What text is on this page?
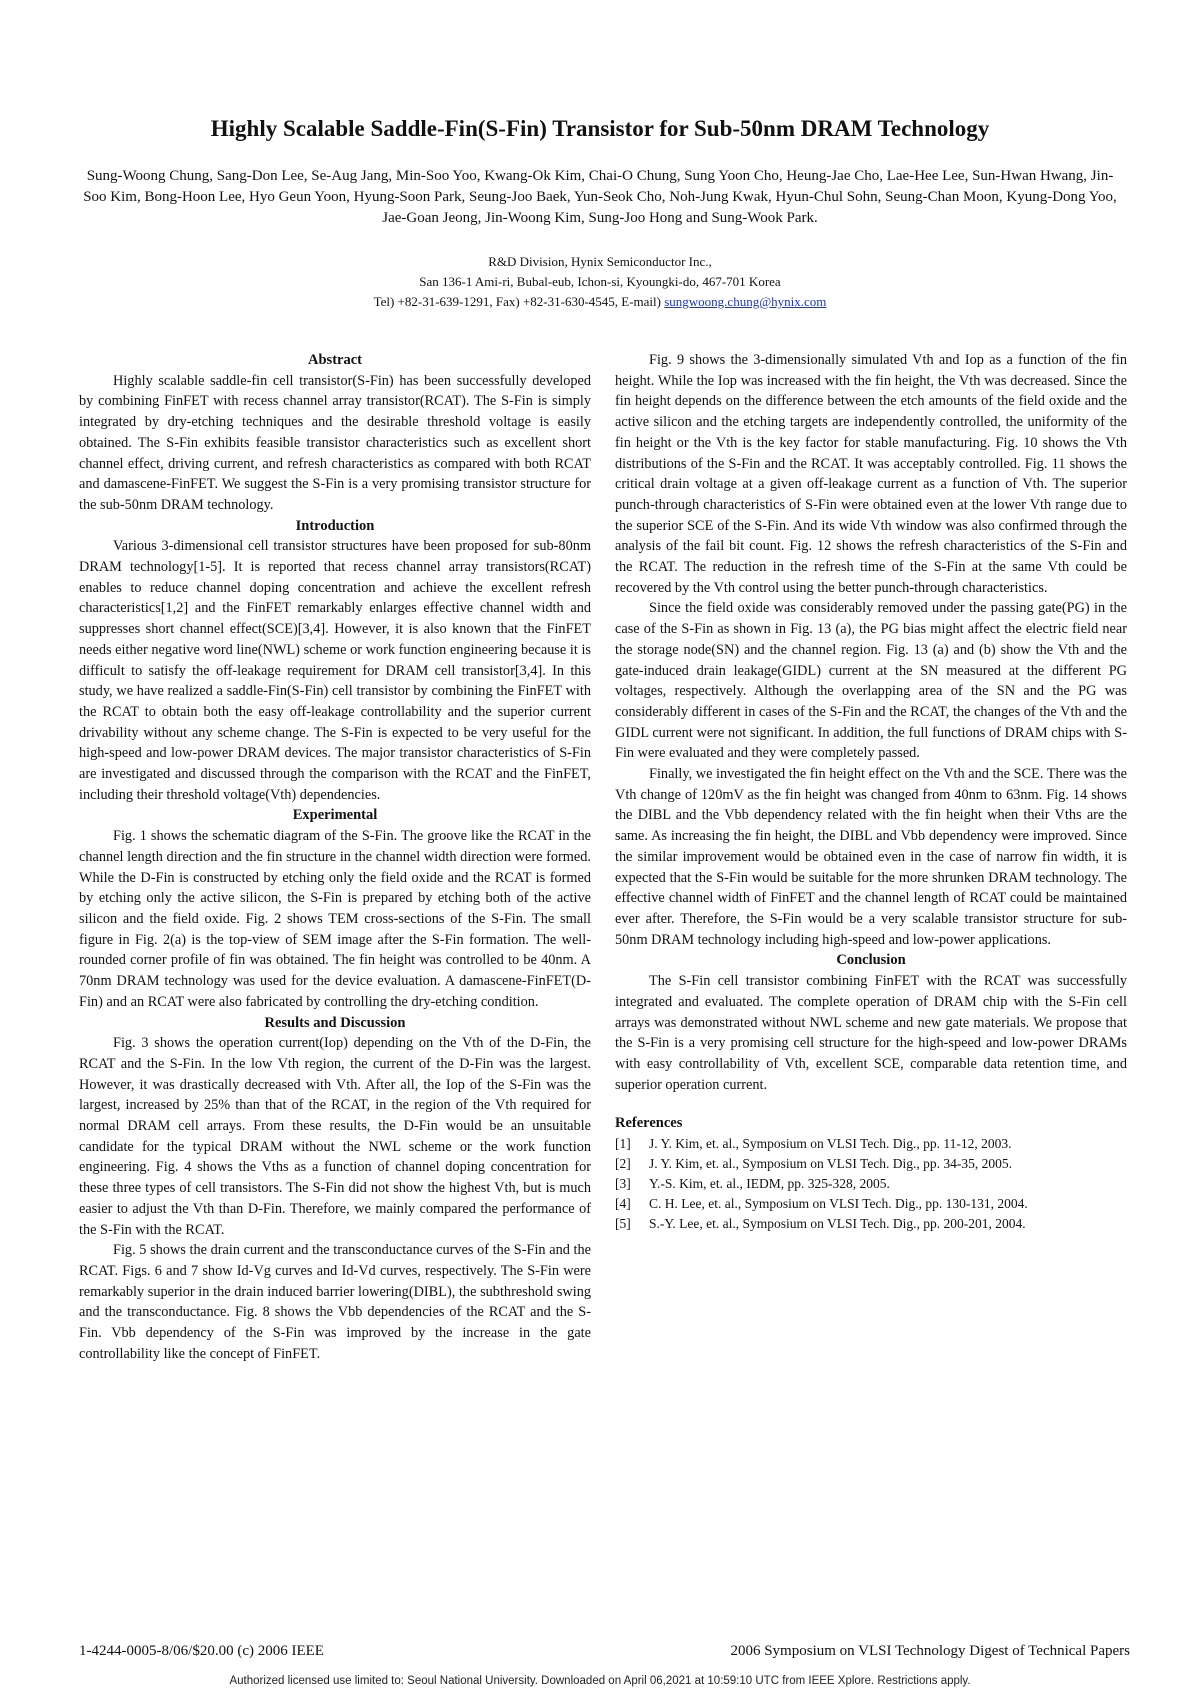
Highly Scalable Saddle-Fin(S-Fin) Transistor for Sub-50nm DRAM Technology
Sung-Woong Chung, Sang-Don Lee, Se-Aug Jang, Min-Soo Yoo, Kwang-Ok Kim, Chai-O Chung, Sung Yoon Cho, Heung-Jae Cho, Lae-Hee Lee, Sun-Hwan Hwang, Jin-Soo Kim, Bong-Hoon Lee, Hyo Geun Yoon, Hyung-Soon Park, Seung-Joo Baek, Yun-Seok Cho, Noh-Jung Kwak, Hyun-Chul Sohn, Seung-Chan Moon, Kyung-Dong Yoo, Jae-Goan Jeong, Jin-Woong Kim, Sung-Joo Hong and Sung-Wook Park.
R&D Division, Hynix Semiconductor Inc.,
San 136-1 Ami-ri, Bubal-eub, Ichon-si, Kyoungki-do, 467-701 Korea
Tel) +82-31-639-1291, Fax) +82-31-630-4545, E-mail) sungwoong.chung@hynix.com
Abstract

Highly scalable saddle-fin cell transistor(S-Fin) has been successfully developed by combining FinFET with recess channel array transistor(RCAT). The S-Fin is simply integrated by dry-etching techniques and the desirable threshold voltage is easily obtained. The S-Fin exhibits feasible transistor characteristics such as excellent short channel effect, driving current, and refresh characteristics as compared with both RCAT and damascene-FinFET. We suggest the S-Fin is a very promising transistor structure for the sub-50nm DRAM technology.

Introduction

Various 3-dimensional cell transistor structures have been proposed for sub-80nm DRAM technology[1-5]. It is reported that recess channel array transistors(RCAT) enables to reduce channel doping concentration and achieve the excellent refresh characteristics[1,2] and the FinFET remarkably enlarges effective channel width and suppresses short channel effect(SCE)[3,4]. However, it is also known that the FinFET needs either negative word line(NWL) scheme or work function engineering because it is difficult to satisfy the off-leakage requirement for DRAM cell transistor[3,4]. In this study, we have realized a saddle-Fin(S-Fin) cell transistor by combining the FinFET with the RCAT to obtain both the easy off-leakage controllability and the superior current drivability without any scheme change. The S-Fin is expected to be very useful for the high-speed and low-power DRAM devices. The major transistor characteristics of S-Fin are investigated and discussed through the comparison with the RCAT and the FinFET, including their threshold voltage(Vth) dependencies.

Experimental

Fig. 1 shows the schematic diagram of the S-Fin. The groove like the RCAT in the channel length direction and the fin structure in the channel width direction were formed. While the D-Fin is constructed by etching only the field oxide and the RCAT is formed by etching only the active silicon, the S-Fin is prepared by etching both of the active silicon and the field oxide. Fig. 2 shows TEM cross-sections of the S-Fin. The small figure in Fig. 2(a) is the top-view of SEM image after the S-Fin formation. The well-rounded corner profile of fin was obtained. The fin height was controlled to be 40nm. A 70nm DRAM technology was used for the device evaluation. A damascene-FinFET(D-Fin) and an RCAT were also fabricated by controlling the dry-etching condition.

Results and Discussion

Fig. 3 shows the operation current(Iop) depending on the Vth of the D-Fin, the RCAT and the S-Fin. In the low Vth region, the current of the D-Fin was the largest. However, it was drastically decreased with Vth. After all, the Iop of the S-Fin was the largest, increased by 25% than that of the RCAT, in the region of the Vth required for normal DRAM cell arrays. From these results, the D-Fin would be an unsuitable candidate for the typical DRAM without the NWL scheme or the work function engineering. Fig. 4 shows the Vths as a function of channel doping concentration for these three types of cell transistors. The S-Fin did not show the highest Vth, but is much easier to adjust the Vth than D-Fin. Therefore, we mainly compared the performance of the S-Fin with the RCAT.

Fig. 5 shows the drain current and the transconductance curves of the S-Fin and the RCAT. Figs. 6 and 7 show Id-Vg curves and Id-Vd curves, respectively. The S-Fin were remarkably superior in the drain induced barrier lowering(DIBL), the subthreshold swing and the transconductance. Fig. 8 shows the Vbb dependencies of the RCAT and the S-Fin. Vbb dependency of the S-Fin was improved by the increase in the gate controllability like the concept of FinFET.

Fig. 9 shows the 3-dimensionally simulated Vth and Iop as a function of the fin height. While the Iop was increased with the fin height, the Vth was decreased. Since the fin height depends on the difference between the etch amounts of the field oxide and the active silicon and the etching targets are independently controlled, the uniformity of the fin height or the Vth is the key factor for stable manufacturing. Fig. 10 shows the Vth distributions of the S-Fin and the RCAT. It was acceptably controlled. Fig. 11 shows the critical drain voltage at a given off-leakage current as a function of Vth. The superior punch-through characteristics of S-Fin were obtained even at the lower Vth range due to the superior SCE of the S-Fin. And its wide Vth window was also confirmed through the analysis of the fail bit count. Fig. 12 shows the refresh characteristics of the S-Fin and the RCAT. The reduction in the refresh time of the S-Fin at the same Vth could be recovered by the Vth control using the better punch-through characteristics.

Since the field oxide was considerably removed under the passing gate(PG) in the case of the S-Fin as shown in Fig. 13 (a), the PG bias might affect the electric field near the storage node(SN) and the channel region. Fig. 13 (a) and (b) show the Vth and the gate-induced drain leakage(GIDL) current at the SN measured at the different PG voltages, respectively. Although the overlapping area of the SN and the PG was considerably different in cases of the S-Fin and the RCAT, the changes of the Vth and the GIDL current were not significant. In addition, the full functions of DRAM chips with S-Fin were evaluated and they were completely passed.

Finally, we investigated the fin height effect on the Vth and the SCE. There was the Vth change of 120mV as the fin height was changed from 40nm to 63nm. Fig. 14 shows the DIBL and the Vbb dependency related with the fin height when their Vths are the same. As increasing the fin height, the DIBL and Vbb dependency were improved. Since the similar improvement would be obtained even in the case of narrow fin width, it is expected that the S-Fin would be suitable for the more shrunken DRAM technology. The effective channel width of FinFET and the channel length of RCAT could be maintained ever after. Therefore, the S-Fin would be a very scalable transistor structure for sub-50nm DRAM technology including high-speed and low-power applications.

Conclusion

The S-Fin cell transistor combining FinFET with the RCAT was successfully integrated and evaluated. The complete operation of DRAM chip with the S-Fin cell arrays was demonstrated without NWL scheme and new gate materials. We propose that the S-Fin is a very promising cell structure for the high-speed and low-power DRAMs with easy controllability of Vth, excellent SCE, comparable data retention time, and superior operation current.

References
[1]	J. Y. Kim, et. al., Symposium on VLSI Tech. Dig., pp. 11-12, 2003.
[2]	J. Y. Kim, et. al., Symposium on VLSI Tech. Dig., pp. 34-35, 2005.
[3]	Y.-S. Kim, et. al., IEDM, pp. 325-328, 2005.
[4]	C. H. Lee, et. al., Symposium on VLSI Tech. Dig., pp. 130-131, 2004.
[5]	S.-Y. Lee, et. al., Symposium on VLSI Tech. Dig., pp. 200-201, 2004.
1-4244-0005-8/06/$20.00 (c) 2006 IEEE	2006 Symposium on VLSI Technology Digest of Technical Papers
Authorized licensed use limited to: Seoul National University. Downloaded on April 06,2021 at 10:59:10 UTC from IEEE Xplore. Restrictions apply.
